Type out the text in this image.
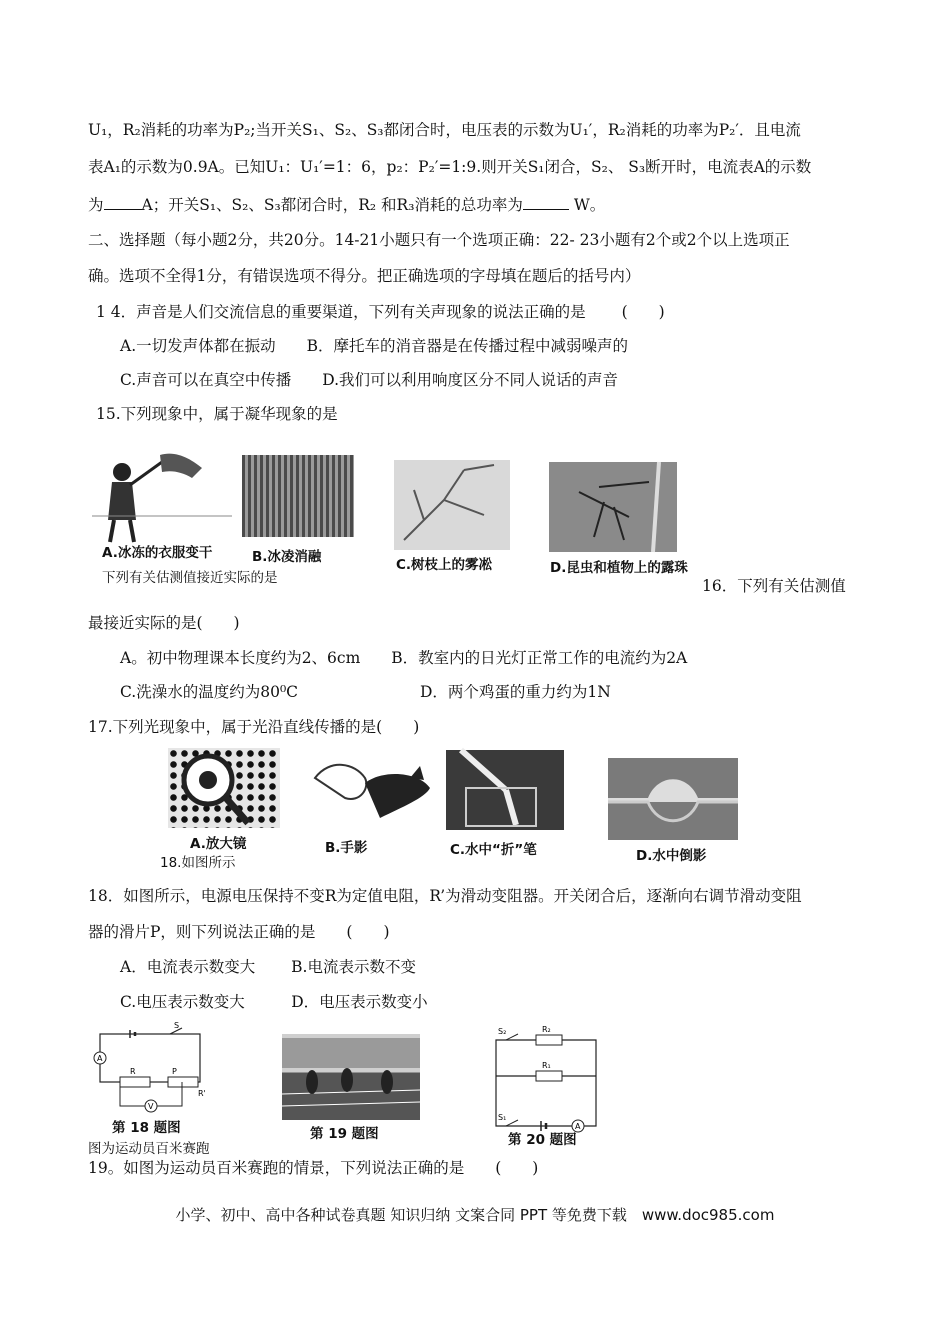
U₁，R₂消耗的功率为P₂;当开关S₁、S₂、S₃都闭合时，电压表的示数为U₁′，R₂消耗的功率为P₂′．且电流
表A₁的示数为0.9A。已知U₁：U₁′=1：6，p₂：P₂′=1:9.则开关S₁闭合，S₂、 S₃断开时，电流表A的示数
为 A；开关S₁、S₂、S₃都闭合时，R₂ 和R₃消耗的总功率为	W。
二、选择题（每小题2分，共20分。14-21小题只有一个选项正确：22- 23小题有2个或2个以上选项正
确。选项不全得1分，有错误选项不得分。把正确选项的字母填在题后的括号内）
1 4．声音是人们交流信息的重要渠道，下列有关声现象的说法正确的是 　　(　　)
A.一切发声体都在振动　　B．摩托车的消音器是在传播过程中减弱噪声的
C.声音可以在真空中传播　　D.我们可以利用响度区分不同人说话的声音
15.下列现象中，属于凝华现象的是
A.冰冻的衣服变干	B.冰凌消融	C.树枝上的雾凇	D.昆虫和植物上的露珠
下列有关估测值接近实际的是	16．下列有关估测值
最接近实际的是(　　)
A。初中物理课本长度约为2、6cm　　B．教室内的日光灯正常工作的电流约为2A
C.洗澡水的温度约为80⁰C	D．两个鸡蛋的重力约为1N
17.下列光现象中，属于光沿直线传播的是(　　)
A.放大镜	B.手影	C.水中“折”笔	D.水中倒影
18.如图所示
18．如图所示，电源电压保持不变R为定值电阻，R’为滑动变阻器。开关闭合后，逐渐向右调节滑动变阻
器的滑片P，则下列说法正确的是　　(　　)
A．电流表示数变大　　 B.电流表示数不变
C.电压表示数变大　　　D．电压表示数变小
S
A
R	P
R'
V
S₂	R₂
R₁
S₁
A
第 18 题图	第 19 题图	第 20 题图
图为运动员百米赛跑
19。如图为运动员百米赛跑的情景，下列说法正确的是　　(　　)
小学、初中、高中各种试卷真题 知识归纳 文案合同 PPT 等免费下载　www.doc985.com
